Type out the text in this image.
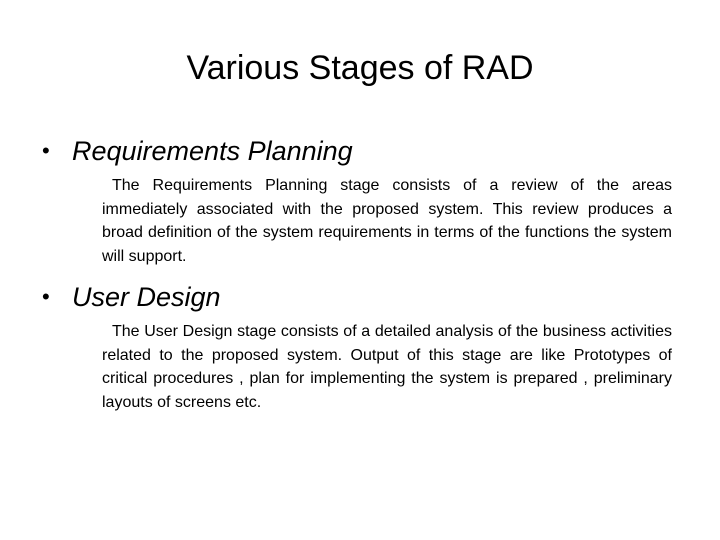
Various Stages of RAD
• Requirements Planning

The Requirements Planning stage consists of a review of the areas immediately associated with the proposed system. This review produces a broad definition of the system requirements in terms of the functions the system will support.

• User Design

The User Design stage consists of a detailed analysis of the business activities related to the proposed system. Output of this stage are like Prototypes of critical procedures , plan for implementing the system is prepared , preliminary layouts of screens etc.
